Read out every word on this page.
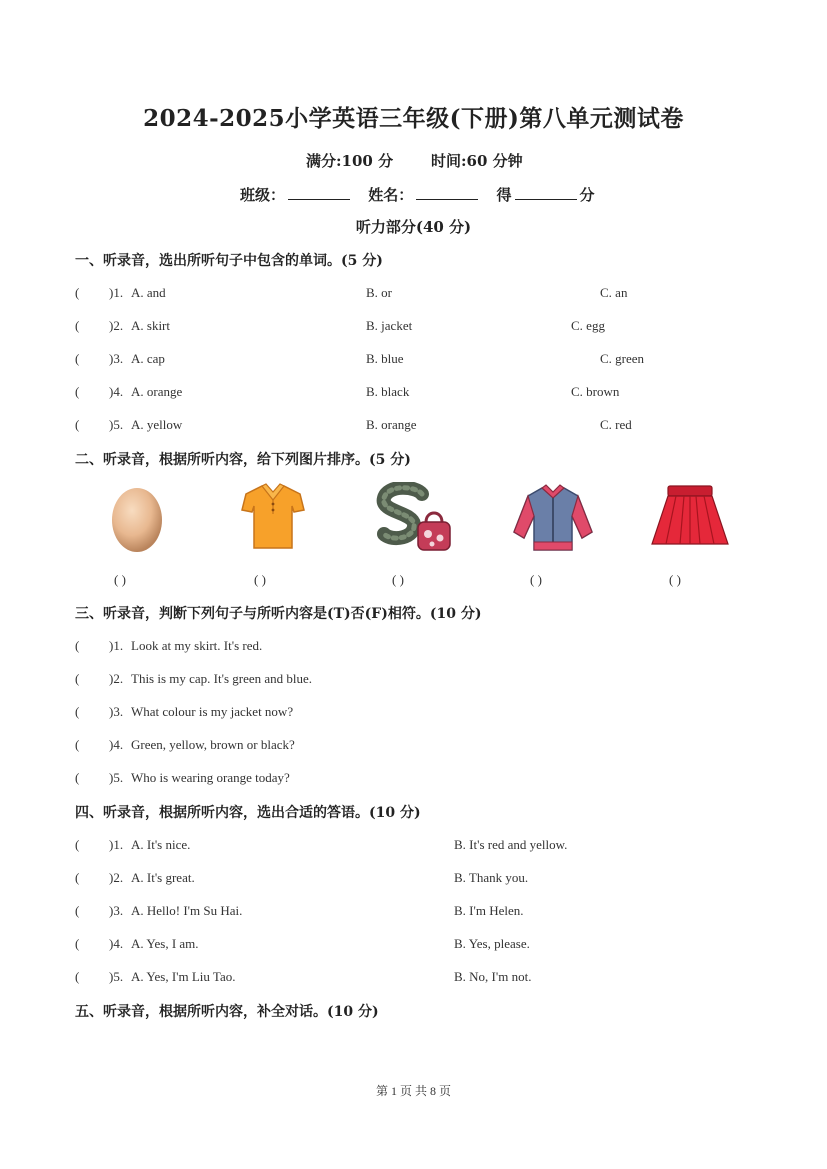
2024-2025小学英语三年级(下册)第八单元测试卷
满分:100 分	时间:60 分钟
班级：	姓名：	得	分
听力部分(40 分)
一、听录音，选出所听句子中包含的单词。(5 分)
( )1. A. and	B. or	C. an
( )2. A. skirt	B. jacket	C. egg
( )3. A. cap	B. blue	C. green
( )4. A. orange	B. black	C. brown
( )5. A. yellow	B. orange	C. red
二、听录音，根据所听内容，给下列图片排序。(5 分)
( )	( )	( )	( )	( )
三、听录音，判断下列句子与所听内容是(T)否(F)相符。(10 分)
( )1. Look at my skirt. It's red.
( )2. This is my cap. It's green and blue.
( )3. What colour is my jacket now?
( )4. Green, yellow, brown or black?
( )5. Who is wearing orange today?
四、听录音，根据所听内容，选出合适的答语。(10 分)
( )1. A. It's nice.	B. It's red and yellow.
( )2. A. It's great.	B. Thank you.
( )3. A. Hello! I'm Su Hai.	B. I'm Helen.
( )4. A. Yes, I am.	B. Yes, please.
( )5. A. Yes, I'm Liu Tao.	B. No, I'm not.
五、听录音，根据所听内容，补全对话。(10 分)
第 1 页 共 8 页
